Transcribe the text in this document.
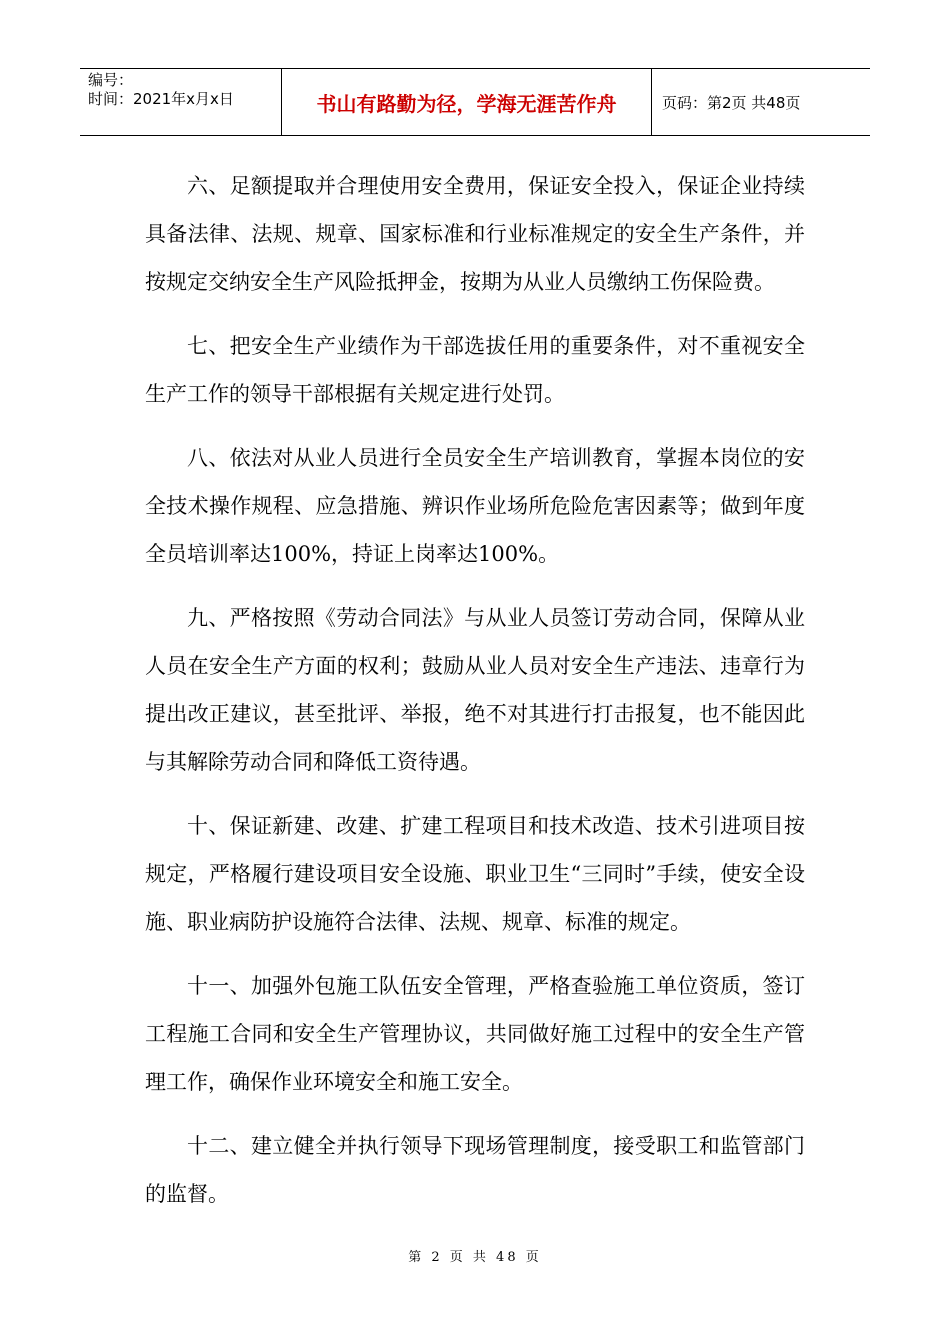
编号：
时间：2021年x月x日	书山有路勤为径，学海无涯苦作舟	页码：第2页 共48页

六、足额提取并合理使用安全费用，保证安全投入，保证企业持续具备法律、法规、规章、国家标准和行业标准规定的安全生产条件，并按规定交纳安全生产风险抵押金，按期为从业人员缴纳工伤保险费。

七、把安全生产业绩作为干部选拔任用的重要条件，对不重视安全生产工作的领导干部根据有关规定进行处罚。

八、依法对从业人员进行全员安全生产培训教育，掌握本岗位的安全技术操作规程、应急措施、辨识作业场所危险危害因素等；做到年度全员培训率达100%，持证上岗率达100%。

九、严格按照《劳动合同法》与从业人员签订劳动合同，保障从业人员在安全生产方面的权利；鼓励从业人员对安全生产违法、违章行为提出改正建议，甚至批评、举报，绝不对其进行打击报复，也不能因此与其解除劳动合同和降低工资待遇。

十、保证新建、改建、扩建工程项目和技术改造、技术引进项目按规定，严格履行建设项目安全设施、职业卫生“三同时”手续，使安全设施、职业病防护设施符合法律、法规、规章、标准的规定。

十一、加强外包施工队伍安全管理，严格查验施工单位资质，签订工程施工合同和安全生产管理协议，共同做好施工过程中的安全生产管理工作，确保作业环境安全和施工安全。

十二、建立健全并执行领导下现场管理制度，接受职工和监管部门的监督。

第 2 页 共 48 页
